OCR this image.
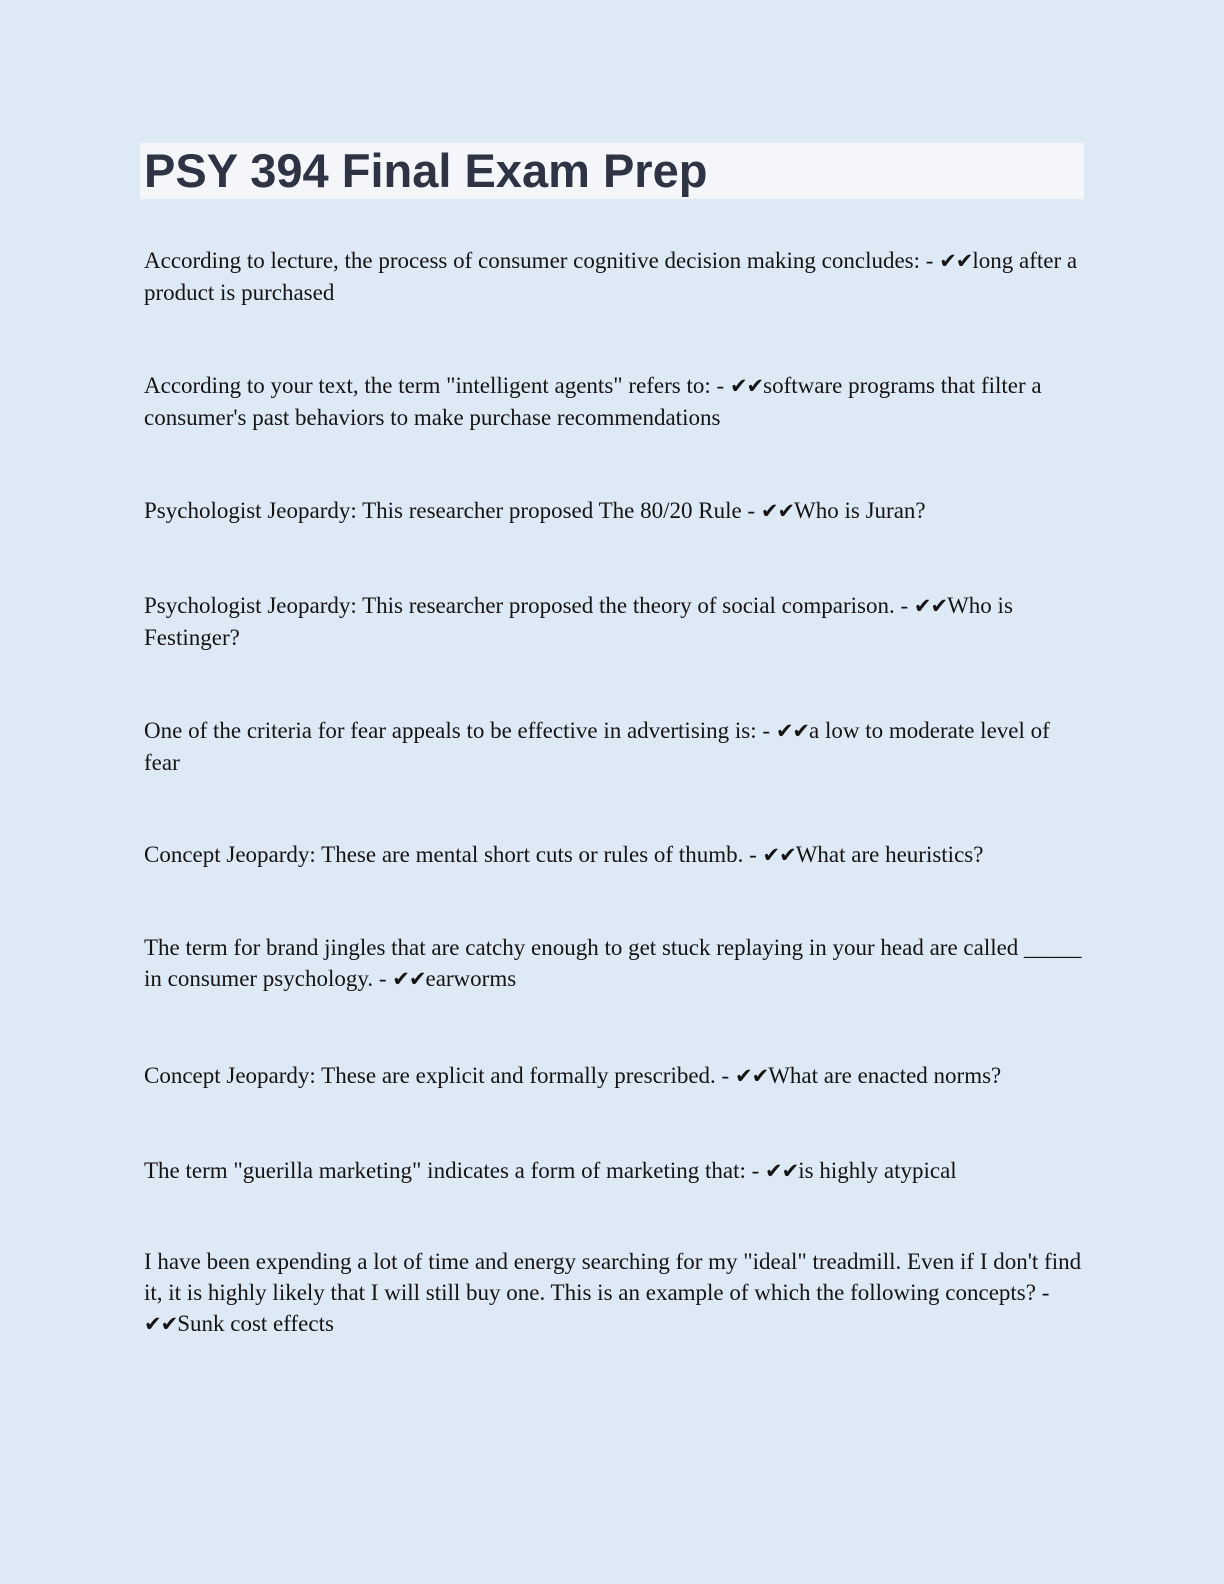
PSY 394 Final Exam Prep

According to lecture, the process of consumer cognitive decision making concludes: - ✔✔long after a product is purchased

According to your text, the term "intelligent agents" refers to: - ✔✔software programs that filter a consumer's past behaviors to make purchase recommendations

Psychologist Jeopardy: This researcher proposed The 80/20 Rule - ✔✔Who is Juran?

Psychologist Jeopardy: This researcher proposed the theory of social comparison. - ✔✔Who is Festinger?

One of the criteria for fear appeals to be effective in advertising is: - ✔✔a low to moderate level of fear

Concept Jeopardy: These are mental short cuts or rules of thumb. - ✔✔What are heuristics?

The term for brand jingles that are catchy enough to get stuck replaying in your head are called _____ in consumer psychology. - ✔✔earworms

Concept Jeopardy: These are explicit and formally prescribed. - ✔✔What are enacted norms?

The term "guerilla marketing" indicates a form of marketing that: - ✔✔is highly atypical

I have been expending a lot of time and energy searching for my "ideal" treadmill. Even if I don't find it, it is highly likely that I will still buy one. This is an example of which the following concepts? - ✔✔Sunk cost effects
